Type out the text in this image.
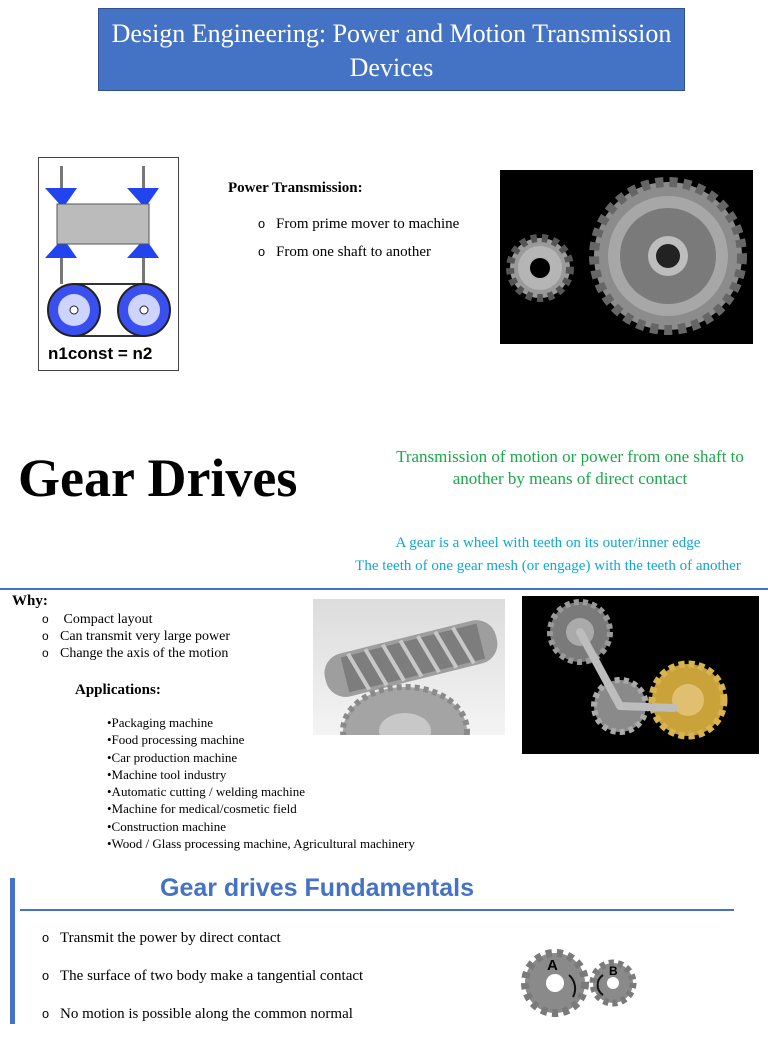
Design Engineering: Power and Motion Transmission Devices
n1const = n2
Power Transmission:
o From prime mover to machine
o From one shaft to another
Gear Drives	Transmission of motion or power from one shaft to another by means of direct contact
A gear is a wheel with teeth on its outer/inner edge
The teeth of one gear mesh (or engage) with the teeth of another
Why:
o Compact layout
o Can transmit very large power
o Change the axis of the motion
Applications:
•Packaging machine
•Food processing machine
•Car production machine
•Machine tool industry
•Automatic cutting / welding machine
•Machine for medical/cosmetic field
•Construction machine
•Wood / Glass processing machine, Agricultural machinery
Gear drives Fundamentals
o Transmit the power by direct contact
o The surface of two body make a tangential contact
o No motion is possible along the common normal
A	B
